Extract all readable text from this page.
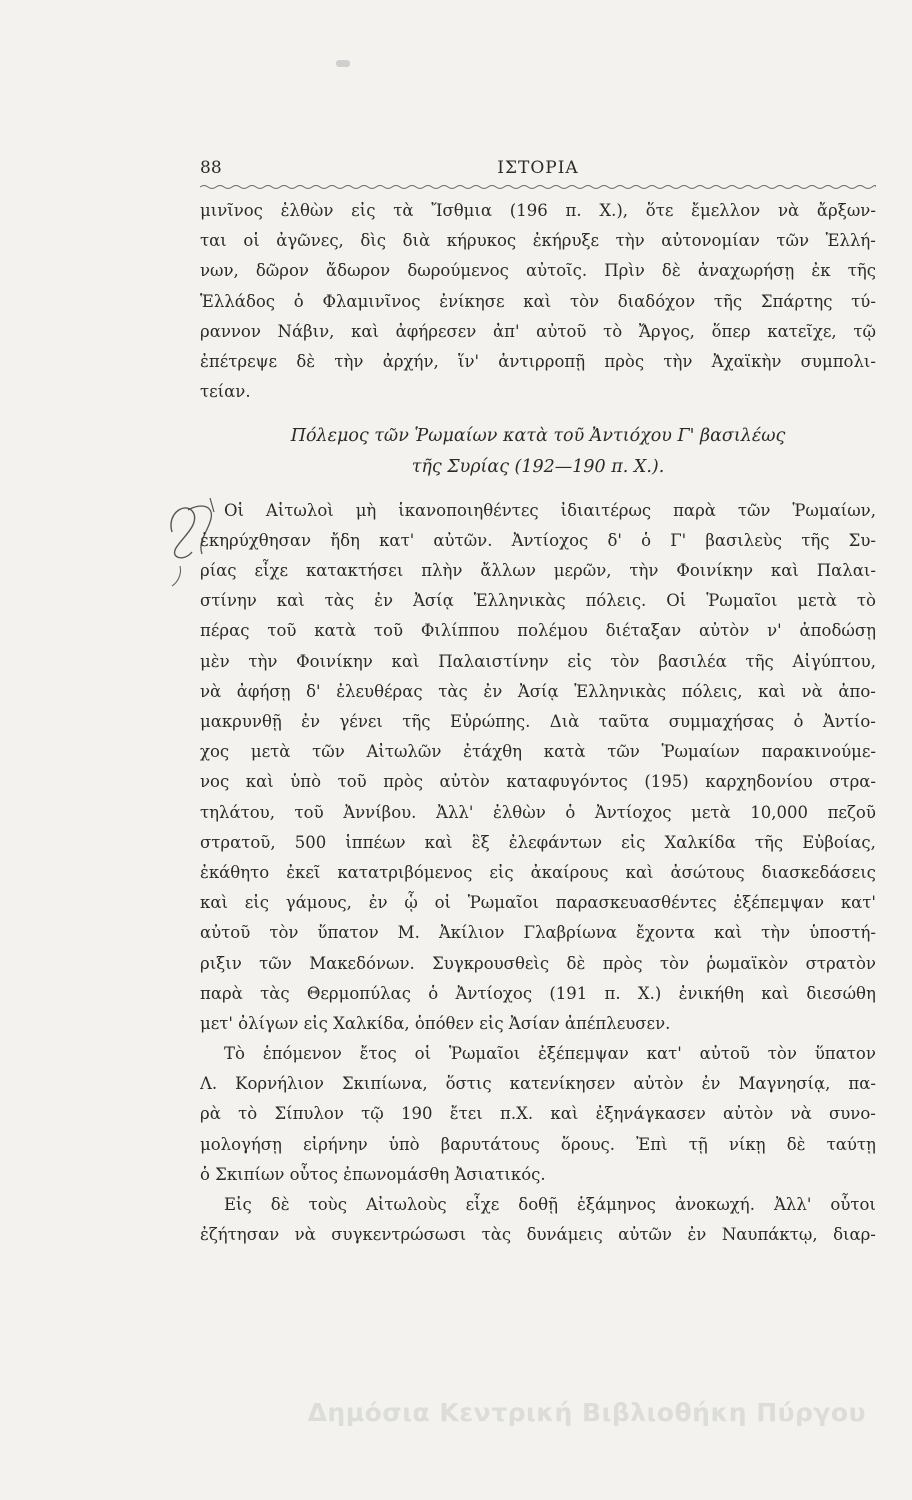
88	ΙΣΤΟΡΙΑ
μινῖνος ἐλθὼν εἰς τὰ Ἴσθμια (196 π. Χ.), ὅτε ἔμελλον νὰ ἄρξων-
ται οἱ ἀγῶνες, δὶς διὰ κήρυκος ἐκήρυξε τὴν αὐτονομίαν τῶν Ἑλλή-
νων, δῶρον ἄδωρον δωρούμενος αὐτοῖς. Πρὶν δὲ ἀναχωρήσῃ ἐκ τῆς
Ἑλλάδος ὁ Φλαμινῖνος ἐνίκησε καὶ τὸν διαδόχον τῆς Σπάρτης τύ-
ραννον Νάβιν, καὶ ἀφήρεσεν ἀπ' αὐτοῦ τὸ Ἄργος, ὅπερ κατεῖχε, τῷ
ἐπέτρεψε δὲ τὴν ἀρχήν, ἵν' ἀντιρροπῇ πρὸς τὴν Ἀχαϊκὴν συμπολι-
τείαν.
Πόλεμος τῶν Ῥωμαίων κατὰ τοῦ Ἀντιόχου Γ' βασιλέως
τῆς Συρίας (192—190 π. Χ.).
Οἱ Αἰτωλοὶ μὴ ἱκανοποιηθέντες ἰδιαιτέρως παρὰ τῶν Ῥωμαίων,
ἐκηρύχθησαν ἤδη κατ' αὐτῶν. Ἀντίοχος δ' ὁ Γ' βασιλεὺς τῆς Συ-
ρίας εἶχε κατακτήσει πλὴν ἄλλων μερῶν, τὴν Φοινίκην καὶ Παλαι-
στίνην καὶ τὰς ἐν Ἀσίᾳ Ἑλληνικὰς πόλεις. Οἱ Ῥωμαῖοι μετὰ τὸ
πέρας τοῦ κατὰ τοῦ Φιλίππου πολέμου διέταξαν αὐτὸν ν' ἀποδώσῃ
μὲν τὴν Φοινίκην καὶ Παλαιστίνην εἰς τὸν βασιλέα τῆς Αἰγύπτου,
νὰ ἀφήσῃ δ' ἐλευθέρας τὰς ἐν Ἀσίᾳ Ἑλληνικὰς πόλεις, καὶ νὰ ἀπο-
μακρυνθῇ ἐν γένει τῆς Εὐρώπης. Διὰ ταῦτα συμμαχήσας ὁ Ἀντίο-
χος μετὰ τῶν Αἰτωλῶν ἐτάχθη κατὰ τῶν Ῥωμαίων παρακινούμε-
νος καὶ ὑπὸ τοῦ πρὸς αὐτὸν καταφυγόντος (195) καρχηδονίου στρα-
τηλάτου, τοῦ Ἀννίβου. Ἀλλ' ἐλθὼν ὁ Ἀντίοχος μετὰ 10,000 πεζοῦ
στρατοῦ, 500 ἱππέων καὶ ἓξ ἐλεφάντων εἰς Χαλκίδα τῆς Εὐβοίας,
ἐκάθητο ἐκεῖ κατατριβόμενος εἰς ἀκαίρους καὶ ἀσώτους διασκεδάσεις
καὶ εἰς γάμους, ἐν ᾧ οἱ Ῥωμαῖοι παρασκευασθέντες ἐξέπεμψαν κατ'
αὐτοῦ τὸν ὕπατον Μ. Ἀκίλιον Γλαβρίωνα ἔχοντα καὶ τὴν ὑποστή-
ριξιν τῶν Μακεδόνων. Συγκρουσθεὶς δὲ πρὸς τὸν ῥωμαϊκὸν στρατὸν
παρὰ τὰς Θερμοπύλας ὁ Ἀντίοχος (191 π. Χ.) ἐνικήθη καὶ διεσώθη
μετ' ὀλίγων εἰς Χαλκίδα, ὁπόθεν εἰς Ἀσίαν ἀπέπλευσεν.
Τὸ ἑπόμενον ἔτος οἱ Ῥωμαῖοι ἐξέπεμψαν κατ' αὐτοῦ τὸν ὕπατον
Λ. Κορνήλιον Σκιπίωνα, ὅστις κατενίκησεν αὐτὸν ἐν Μαγνησίᾳ, πα-
ρὰ τὸ Σίπυλον τῷ 190 ἔτει π.Χ. καὶ ἐξηνάγκασεν αὐτὸν νὰ συνο-
μολογήσῃ εἰρήνην ὑπὸ βαρυτάτους ὅρους. Ἐπὶ τῇ νίκῃ δὲ ταύτῃ
ὁ Σκιπίων οὗτος ἐπωνομάσθη Ἀσιατικός.
Εἰς δὲ τοὺς Αἰτωλοὺς εἶχε δοθῇ ἑξάμηνος ἀνοκωχή. Ἀλλ' οὗτοι
ἐζήτησαν νὰ συγκεντρώσωσι τὰς δυνάμεις αὐτῶν ἐν Ναυπάκτῳ, διαρ-
Δημόσια Κεντρική Βιβλιοθήκη Πύργου
